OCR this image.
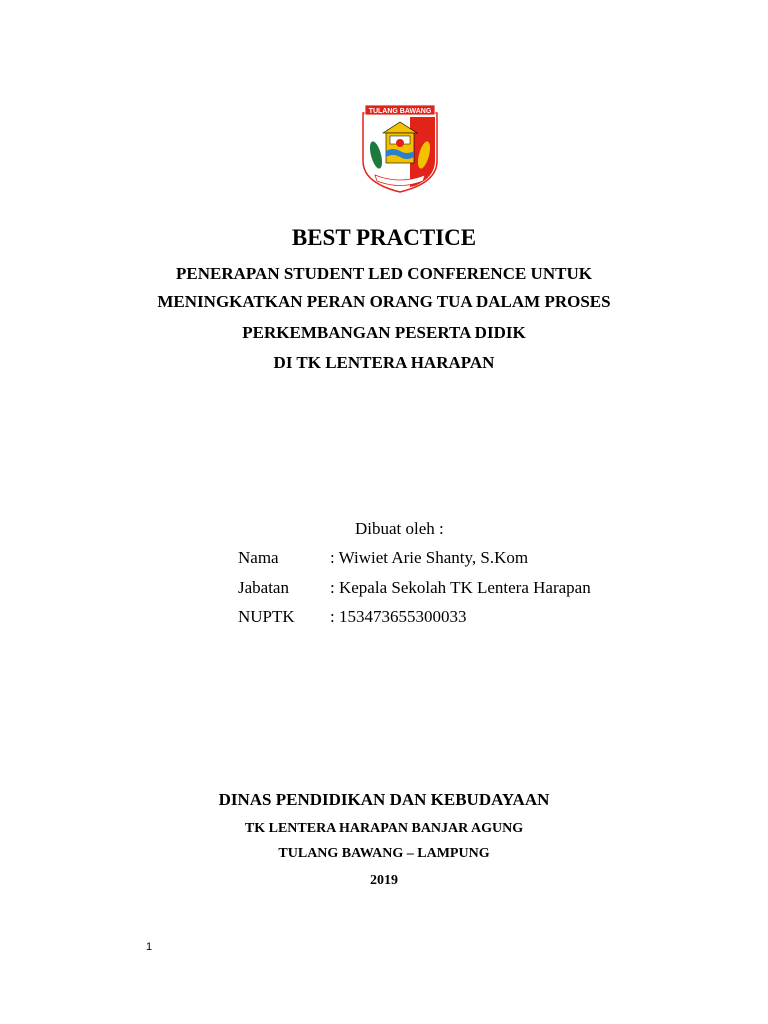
TULANG BAWANG
BEST PRACTICE
PENERAPAN STUDENT LED CONFERENCE UNTUK
MENINGKATKAN PERAN ORANG TUA DALAM PROSES
PERKEMBANGAN PESERTA DIDIK
DI TK LENTERA HARAPAN
Dibuat oleh :
Nama	: Wiwiet Arie Shanty, S.Kom
Jabatan : Kepala Sekolah TK Lentera Harapan
NUPTK : 153473655300033
DINAS PENDIDIKAN DAN KEBUDAYAAN
TK LENTERA HARAPAN BANJAR AGUNG
TULANG BAWANG – LAMPUNG
2019
1
